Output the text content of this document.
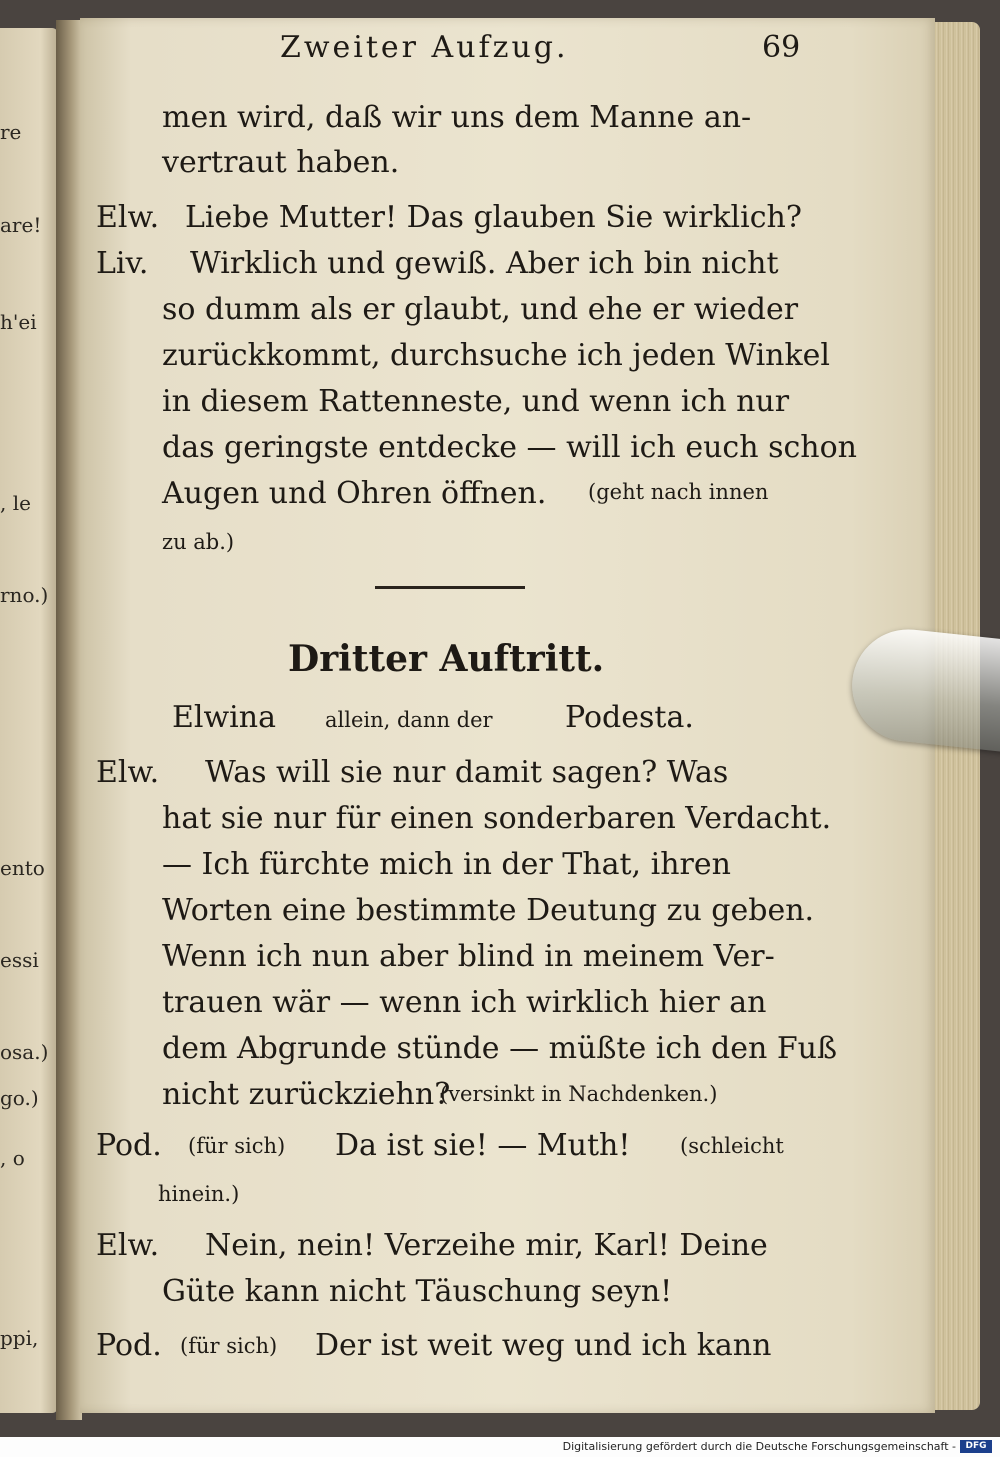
re
are!
h'ei
, le
rno.)
ento
essi
osa.)
go.)
, o
ppi,
Zweiter Aufzug.	69
men wird, daß wir uns dem Manne an-
vertraut haben.
Elw. Liebe Mutter! Das glauben Sie wirklich?
Liv. Wirklich und gewiß. Aber ich bin nicht
so dumm als er glaubt, und ehe er wieder
zurückkommt, durchsuche ich jeden Winkel
in diesem Rattenneste, und wenn ich nur
das geringste entdecke — will ich euch schon
Augen und Ohren öffnen. (geht nach innen
zu ab.)
Dritter Auftritt.
Elwina allein, dann der Podesta.
Elw. Was will sie nur damit sagen? Was
hat sie nur für einen sonderbaren Verdacht.
— Ich fürchte mich in der That, ihren
Worten eine bestimmte Deutung zu geben.
Wenn ich nun aber blind in meinem Ver-
trauen wär — wenn ich wirklich hier an
dem Abgrunde stünde — müßte ich den Fuß
nicht zurückziehn?
(versinkt in Nachdenken.)
Pod. (für sich) Da ist sie! — Muth! (schleicht
hinein.)
Elw. Nein, nein! Verzeihe mir, Karl! Deine
Güte kann nicht Täuschung seyn!
Pod. (für sich) Der ist weit weg und ich kann
Digitalisierung gefördert durch die Deutsche Forschungsgemeinschaft -	DFG
